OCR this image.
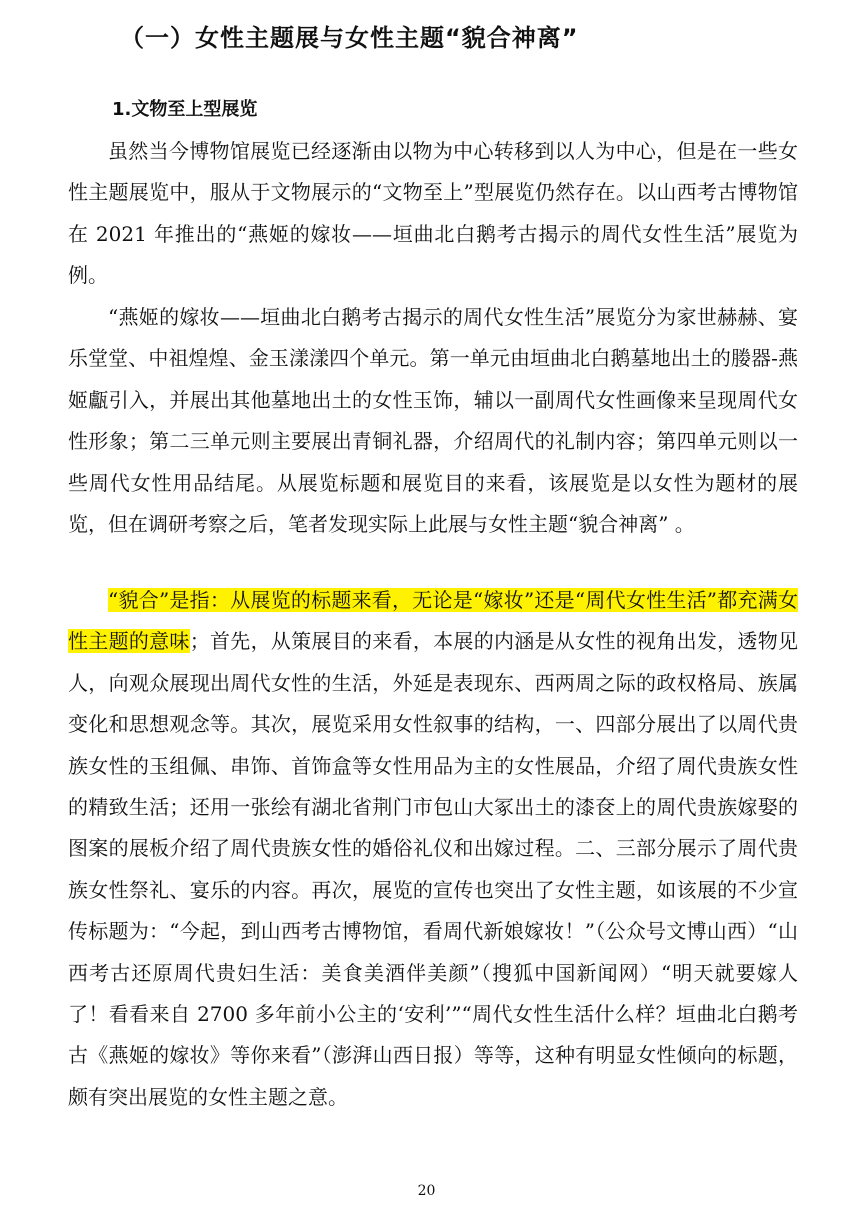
（一）女性主题展与女性主题“貌合神离”
1.文物至上型展览

虽然当今博物馆展览已经逐渐由以物为中心转移到以人为中心，但是在一些女性主题展览中，服从于文物展示的“文物至上”型展览仍然存在。以山西考古博物馆在 2021 年推出的“燕姬的嫁妆——垣曲北白鹅考古揭示的周代女性生活”展览为例。

“燕姬的嫁妆——垣曲北白鹅考古揭示的周代女性生活”展览分为家世赫赫、宴乐堂堂、中祖煌煌、金玉漾漾四个单元。第一单元由垣曲北白鹅墓地出土的媵器-燕姬甗引入，并展出其他墓地出土的女性玉饰，辅以一副周代女性画像来呈现周代女性形象；第二三单元则主要展出青铜礼器，介绍周代的礼制内容；第四单元则以一些周代女性用品结尾。从展览标题和展览目的来看，该展览是以女性为题材的展览，但在调研考察之后，笔者发现实际上此展与女性主题“貌合神离” 。

“貌合”是指：从展览的标题来看，无论是“嫁妆”还是“周代女性生活”都充满女性主题的意味；首先，从策展目的来看，本展的内涵是从女性的视角出发，透物见人，向观众展现出周代女性的生活，外延是表现东、西两周之际的政权格局、族属变化和思想观念等。其次，展览采用女性叙事的结构，一、四部分展出了以周代贵族女性的玉组佩、串饰、首饰盒等女性用品为主的女性展品，介绍了周代贵族女性的精致生活；还用一张绘有湖北省荆门市包山大冢出土的漆奁上的周代贵族嫁娶的图案的展板介绍了周代贵族女性的婚俗礼仪和出嫁过程。二、三部分展示了周代贵族女性祭礼、宴乐的内容。再次，展览的宣传也突出了女性主题，如该展的不少宣传标题为：“今起，到山西考古博物馆，看周代新娘嫁妆！”（公众号文博山西）“山西考古还原周代贵妇生活：美食美酒伴美颜”（搜狐中国新闻网）“明天就要嫁人了！看看来自 2700 多年前小公主的‘安利’”“周代女性生活什么样？垣曲北白鹅考古《燕姬的嫁妆》等你来看”（澎湃山西日报）等等，这种有明显女性倾向的标题，颇有突出展览的女性主题之意。

20
